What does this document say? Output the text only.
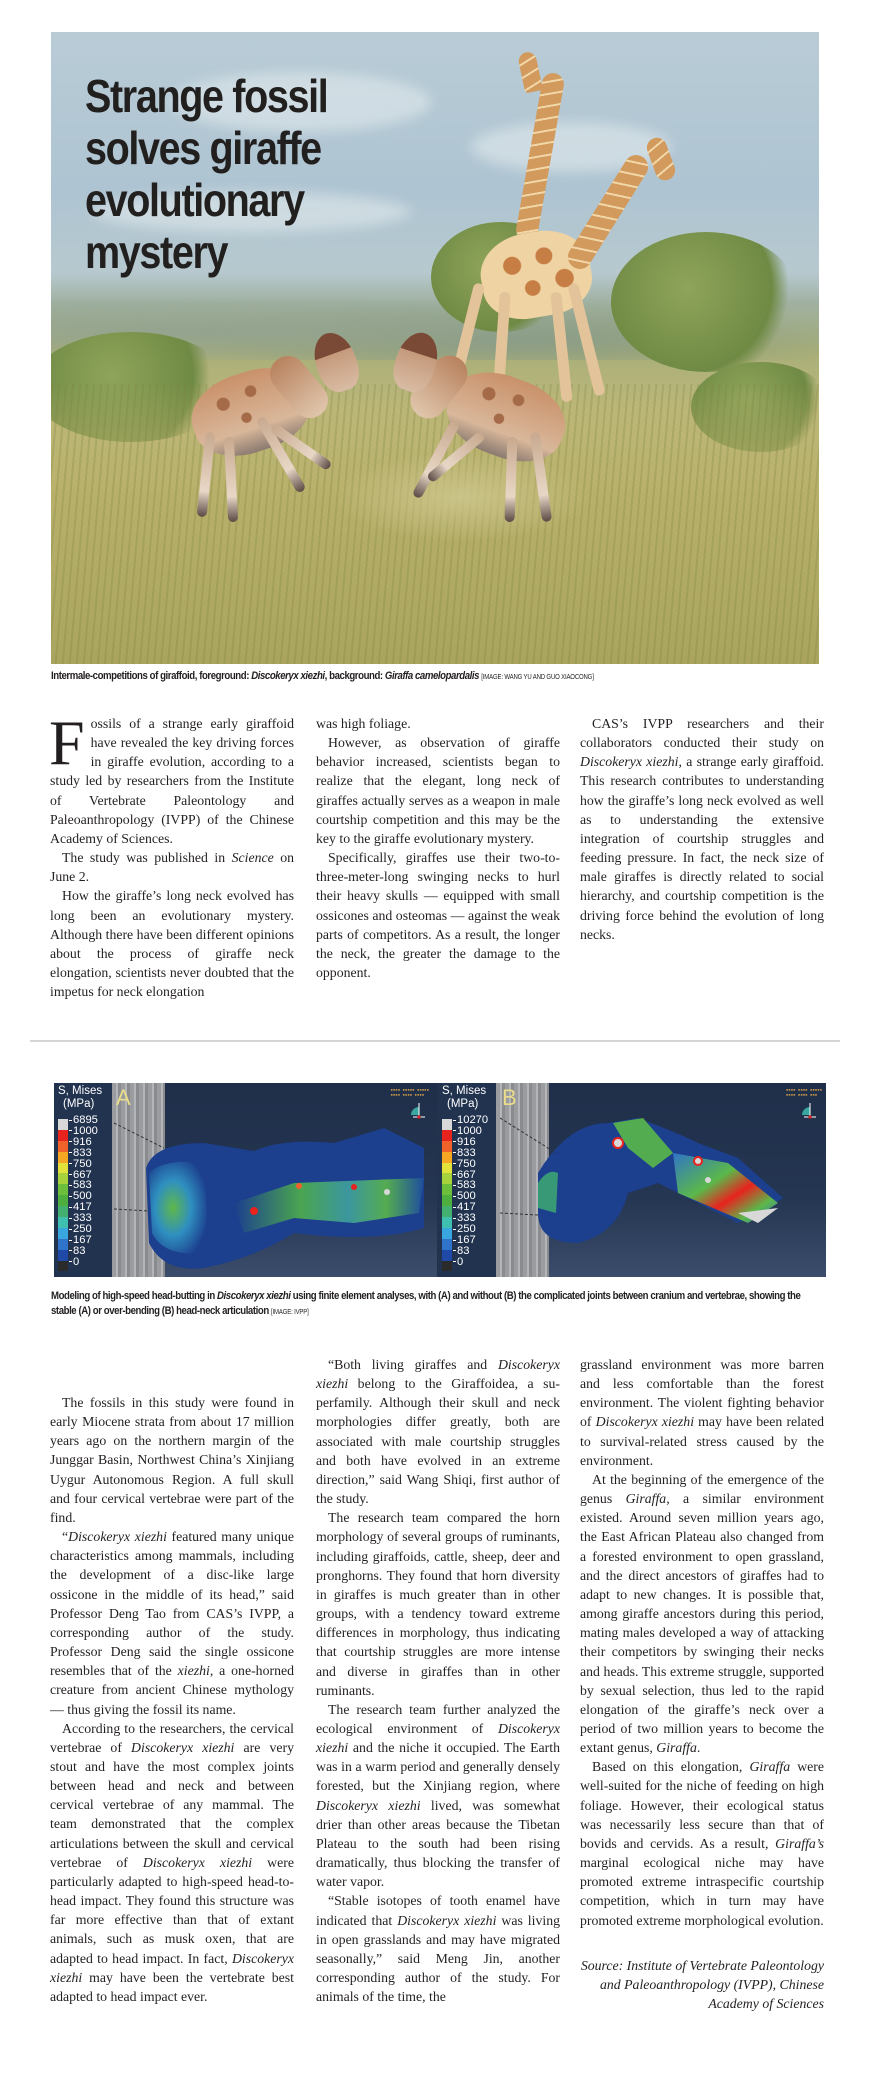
Strange fossil
solves giraffe
evolutionary
mystery
Intermale-competitions of giraffoid, foreground: Discokeryx xiezhi, background: Giraffa camelopardalis [IMAGE: WANG YU AND GUO XIAOCONG]
F ossils of a strange early giraffoid have revealed the key driving forces in giraffe evolution, according to a study led by researchers from the Institute of Vertebrate Paleontology and Paleoanthropology (IVPP) of the Chinese Academy of Sciences.

The study was published in Science on June 2.

How the giraffe’s long neck evolved has long been an evolutionary mystery. Although there have been different opinions about the process of giraffe neck elongation, scientists never doubted that the impetus for neck elongation

was high foliage.

However, as observation of giraffe behavior increased, scientists began to realize that the elegant, long neck of giraffes actually serves as a weapon in male courtship competition and this may be the key to the giraffe evolutionary mystery.

Specifically, giraffes use their two-to-three-meter-long swinging necks to hurl their heavy skulls — equipped with small ossicones and osteomas — against the weak parts of competitors. As a result, the longer the neck, the greater the damage to the opponent.

CAS’s IVPP researchers and their collaborators conducted their study on Discokeryx xiezhi, a strange early giraffoid. This research contributes to understanding how the giraffe’s long neck evolved as well as to understanding the extensive integration of courtship struggles and feeding pressure. In fact, the neck size of male giraffes is directly related to social hierarchy, and courtship competition is the driving force behind the evolution of long necks.

S, Mises
(MPa)
6895
1000
916
833
750
667
583
500
417
333
250
167
83
0
A	▪▪▪▪ ▪▪▪▪▪ ▪▪▪▪▪
▪▪▪▪ ▪▪▪▪ ▪▪▪▪	S, Mises
(MPa)
10270
1000
916
833
750
667
583
500
417
333
250
167
83
0
B	▪▪▪▪ ▪▪▪▪ ▪▪▪▪▪
▪▪▪▪ ▪▪▪▪ ▪▪▪
Modeling of high-speed head-butting in Discokeryx xiezhi using finite element analyses, with (A) and without (B) the complicated joints between cranium and vertebrae, showing the stable (A) or over-bending (B) head-neck articulation [IMAGE: IVPP]

The fossils in this study were found in early Miocene strata from about 17 million years ago on the northern margin of the Junggar Basin, Northwest China’s Xinjiang Uygur Autonomous Region. A full skull and four cervical vertebrae were part of the find.

“Discokeryx xiezhi featured many unique characteristics among mammals, including the development of a disc-like large ossicone in the middle of its head,” said Professor Deng Tao from CAS’s IVPP, a corresponding author of the study. Professor Deng said the single ossicone resembles that of the xiezhi, a one-horned creature from ancient Chinese mythology — thus giving the fossil its name.

According to the researchers, the cervical vertebrae of Discokeryx xiezhi are very stout and have the most complex joints between head and neck and between cervical vertebrae of any mammal. The team demonstrated that the complex articulations between the skull and cervical vertebrae of Discokeryx xiezhi were particularly adapted to high-speed head-to-head impact. They found this structure was far more effective than that of extant animals, such as musk oxen, that are adapted to head impact. In fact, Discokeryx xiezhi may have been the vertebrate best adapted to head impact ever.

“Both living giraffes and Discokeryx xiezhi belong to the Giraffoidea, a superfamily. Although their skull and neck morphologies differ greatly, both are associated with male courtship struggles and both have evolved in an extreme direction,” said Wang Shiqi, first author of the study.

The research team compared the horn morphology of several groups of ruminants, including giraffoids, cattle, sheep, deer and pronghorns. They found that horn diversity in giraffes is much greater than in other groups, with a tendency toward extreme differences in morphology, thus indicating that courtship struggles are more intense and diverse in giraffes than in other ruminants.

The research team further analyzed the ecological environment of Discokeryx xiezhi and the niche it occupied. The Earth was in a warm period and generally densely forested, but the Xinjiang region, where Discokeryx xiezhi lived, was somewhat drier than other areas because the Tibetan Plateau to the south had been rising dramatically, thus blocking the transfer of water vapor.

“Stable isotopes of tooth enamel have indicated that Discokeryx xiezhi was living in open grasslands and may have migrated seasonally,” said Meng Jin, another corresponding author of the study. For animals of the time, the

grassland environment was more barren and less comfortable than the forest environment. The violent fighting behavior of Discokeryx xiezhi may have been related to survival-related stress caused by the environment.

At the beginning of the emergence of the genus Giraffa, a similar environment existed. Around seven million years ago, the East African Plateau also changed from a forested environment to open grassland, and the direct ancestors of giraffes had to adapt to new changes. It is possible that, among giraffe ancestors during this period, mating males developed a way of attacking their competitors by swinging their necks and heads. This extreme struggle, supported by sexual selection, thus led to the rapid elongation of the giraffe’s neck over a period of two million years to become the extant genus, Giraffa.

Based on this elongation, Giraffa were well-suited for the niche of feeding on high foliage. However, their ecological status was necessarily less secure than that of bovids and cervids. As a result, Giraffa’s marginal ecological niche may have promoted extreme intraspecific courtship competition, which in turn may have promoted extreme morphological evolution.

Source: Institute of Vertebrate Paleontology and Paleoanthropology (IVPP), Chinese Academy of Sciences
